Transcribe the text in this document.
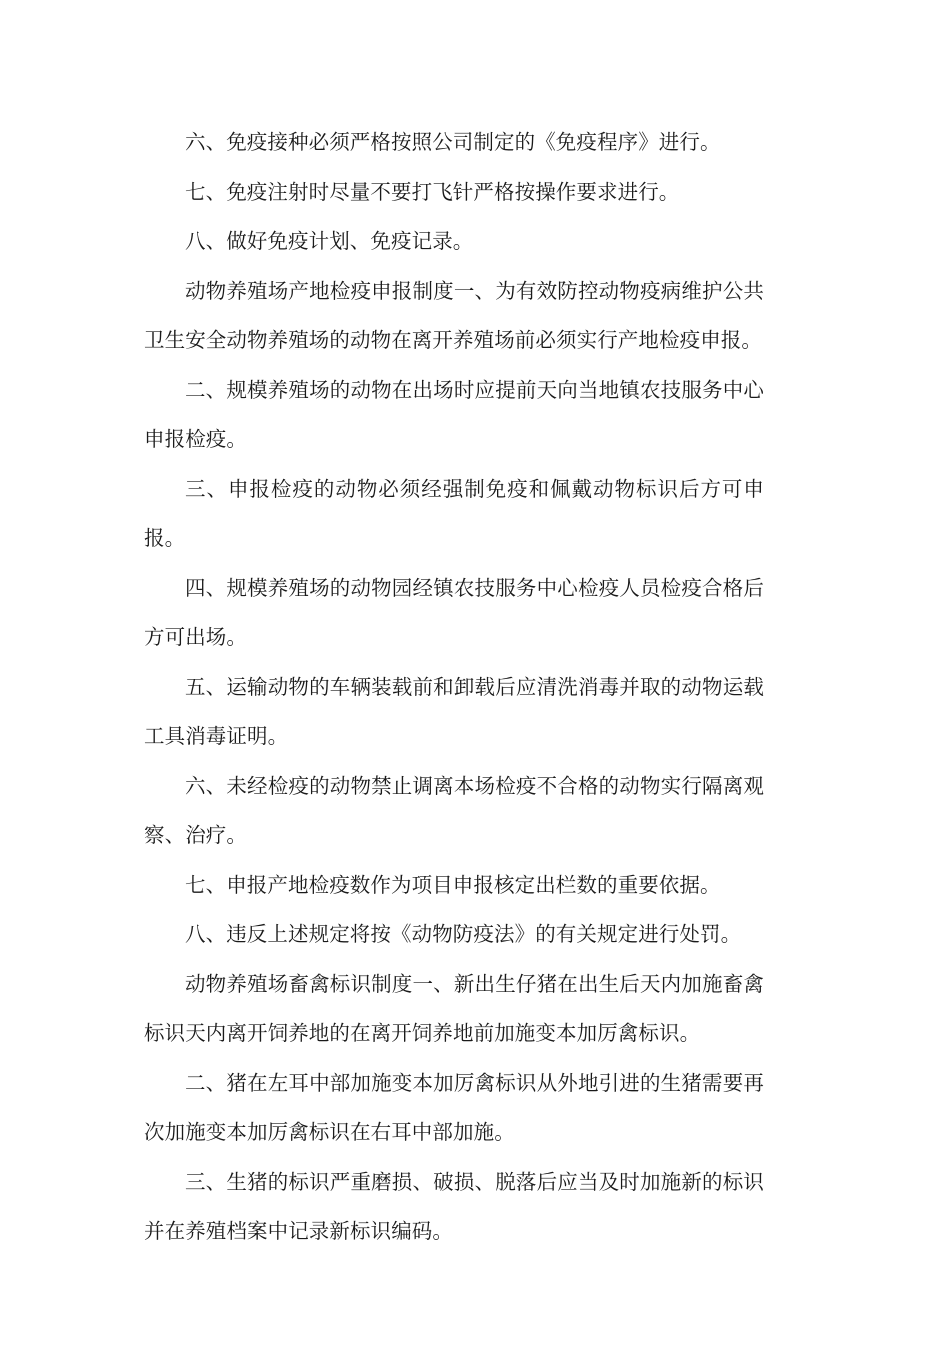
六、免疫接种必须严格按照公司制定的《免疫程序》进行。

七、免疫注射时尽量不要打飞针严格按操作要求进行。

八、做好免疫计划、免疫记录。

动物养殖场产地检疫申报制度一、为有效防控动物疫病维护公共卫生安全动物养殖场的动物在离开养殖场前必须实行产地检疫申报。

二、规模养殖场的动物在出场时应提前天向当地镇农技服务中心申报检疫。

三、申报检疫的动物必须经强制免疫和佩戴动物标识后方可申报。

四、规模养殖场的动物园经镇农技服务中心检疫人员检疫合格后方可出场。

五、运输动物的车辆装载前和卸载后应清洗消毒并取的动物运载工具消毒证明。

六、未经检疫的动物禁止调离本场检疫不合格的动物实行隔离观察、治疗。

七、申报产地检疫数作为项目申报核定出栏数的重要依据。

八、违反上述规定将按《动物防疫法》的有关规定进行处罚。

动物养殖场畜禽标识制度一、新出生仔猪在出生后天内加施畜禽标识天内离开饲养地的在离开饲养地前加施变本加厉禽标识。

二、猪在左耳中部加施变本加厉禽标识从外地引进的生猪需要再次加施变本加厉禽标识在右耳中部加施。

三、生猪的标识严重磨损、破损、脱落后应当及时加施新的标识并在养殖档案中记录新标识编码。
